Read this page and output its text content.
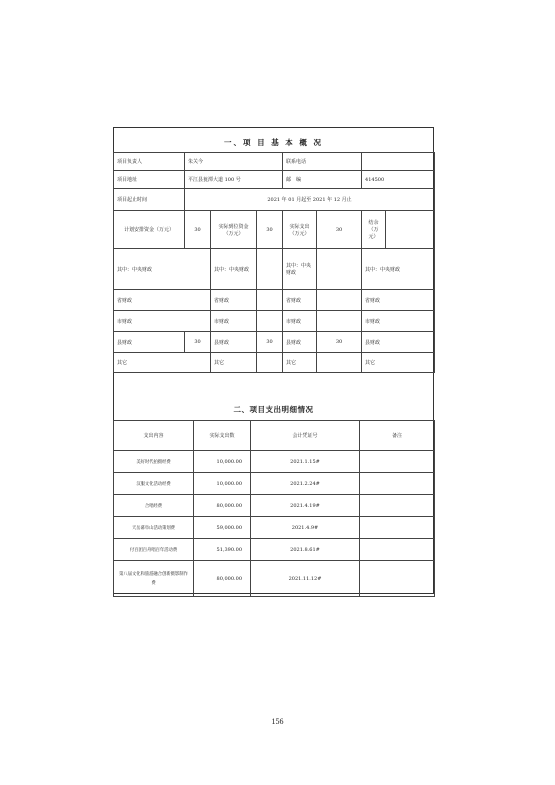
一、项 目 基 本 概 况
项目负责人	朱关今			联系电话			
项目地址	平江县瓮潭大道 100 号			邮　编		414500	
项目起止时间	2021 年 01 月起至 2021 年 12 月止						
计划安排资金（万元）	30	实际到位资金（万元）	30	实际支出（万元）	30	结余（万元）	
其中：中央财政		其中：中央财政		其中：中央财政		其中：中央财政	
省财政		省财政		省财政		省财政	
市财政		市财政		市财政		市财政	
县财政	30	县财政	30	县财政	30	县财政	
其它		其它		其它		其它	
二、项目支出明细情况
支出内容	实际支出数	会计凭证号	备注
美好时代拍摄经费	10,000.00	2021.1.15#	
汉服文化活动经费	10,000.00	2021.2.24#	
合唱经费	80,000.00	2021.4.19#	
天岳幕阜山活动策划费	59,000.00	2021.4.9#	
付百团百舟唱百年活动费	51,390.00	2021.8.61#	
第八届文化和旅游融合创新摄影制作费	80,000.00	2021.11.12#	
156
